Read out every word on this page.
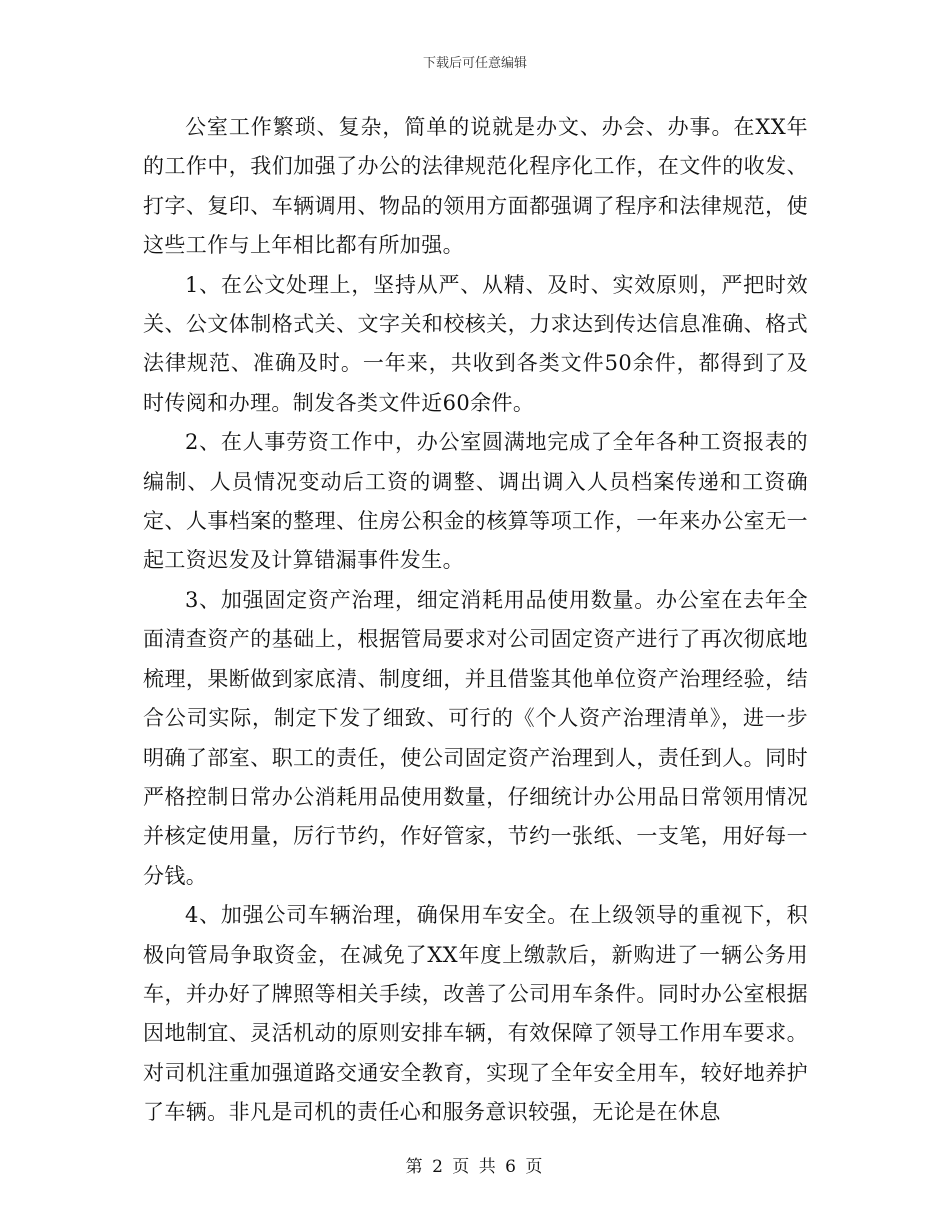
下载后可任意编辑

公室工作繁琐、复杂，简单的说就是办文、办会、办事。在XX年的工作中，我们加强了办公的法律规范化程序化工作，在文件的收发、打字、复印、车辆调用、物品的领用方面都强调了程序和法律规范，使这些工作与上年相比都有所加强。

1、在公文处理上，坚持从严、从精、及时、实效原则，严把时效关、公文体制格式关、文字关和校核关，力求达到传达信息准确、格式法律规范、准确及时。一年来，共收到各类文件50余件，都得到了及时传阅和办理。制发各类文件近60余件。

2、在人事劳资工作中，办公室圆满地完成了全年各种工资报表的编制、人员情况变动后工资的调整、调出调入人员档案传递和工资确定、人事档案的整理、住房公积金的核算等项工作，一年来办公室无一起工资迟发及计算错漏事件发生。

3、加强固定资产治理，细定消耗用品使用数量。办公室在去年全面清查资产的基础上，根据管局要求对公司固定资产进行了再次彻底地梳理，果断做到家底清、制度细，并且借鉴其他单位资产治理经验，结合公司实际，制定下发了细致、可行的《个人资产治理清单》，进一步明确了部室、职工的责任，使公司固定资产治理到人，责任到人。同时严格控制日常办公消耗用品使用数量，仔细统计办公用品日常领用情况并核定使用量，厉行节约，作好管家，节约一张纸、一支笔，用好每一分钱。

4、加强公司车辆治理，确保用车安全。在上级领导的重视下，积极向管局争取资金，在减免了XX年度上缴款后，新购进了一辆公务用车，并办好了牌照等相关手续，改善了公司用车条件。同时办公室根据因地制宜、灵活机动的原则安排车辆，有效保障了领导工作用车要求。对司机注重加强道路交通安全教育，实现了全年安全用车，较好地养护了车辆。非凡是司机的责任心和服务意识较强，无论是在休息

第 2 页 共 6 页
